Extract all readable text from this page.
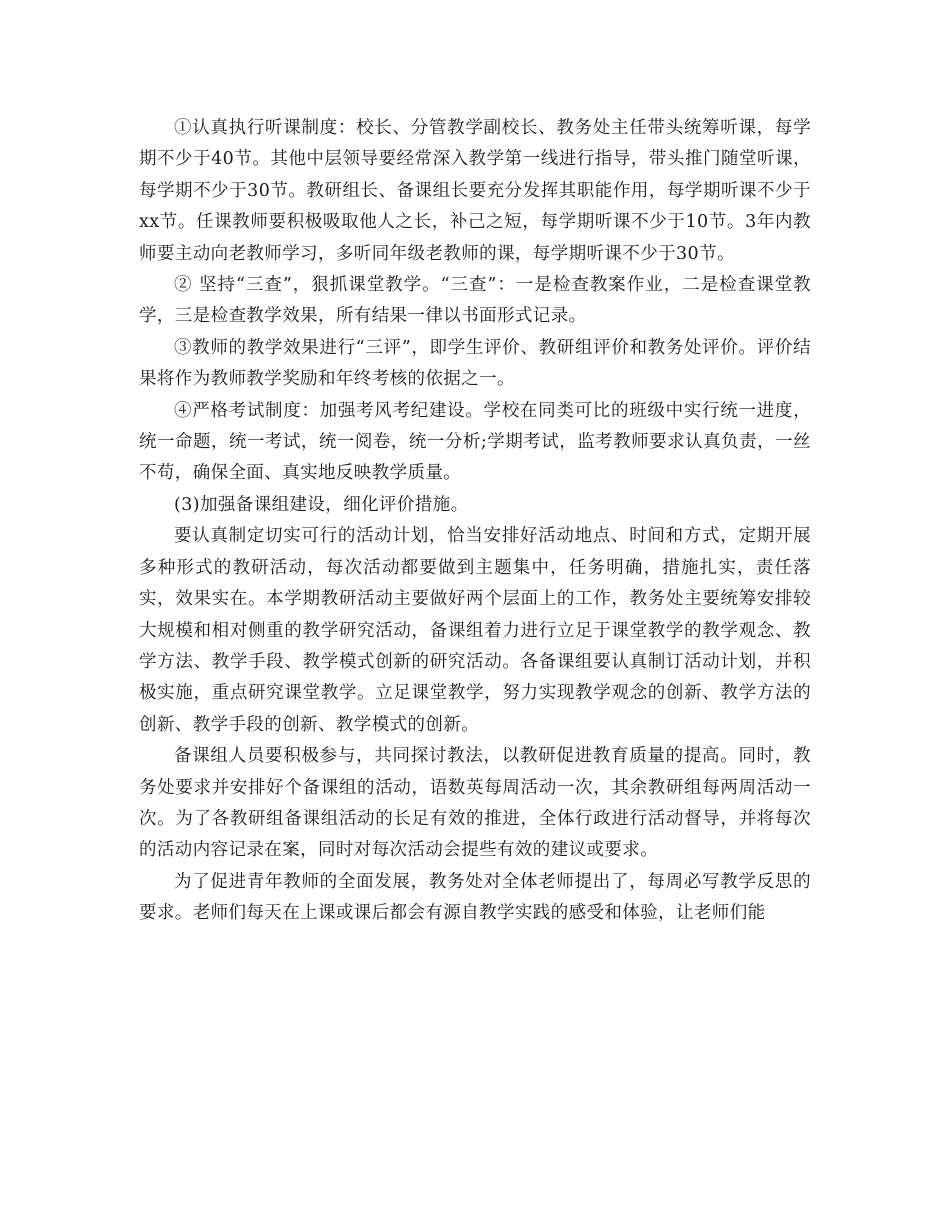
①认真执行听课制度：校长、分管教学副校长、教务处主任带头统筹听课，每学期不少于40节。其他中层领导要经常深入教学第一线进行指导，带头推门随堂听课，每学期不少于30节。教研组长、备课组长要充分发挥其职能作用，每学期听课不少于xx节。任课教师要积极吸取他人之长，补己之短，每学期听课不少于10节。3年内教师要主动向老教师学习，多听同年级老教师的课，每学期听课不少于30节。

② 坚持“三查”，狠抓课堂教学。“三查”：一是检查教案作业，二是检查课堂教学，三是检查教学效果，所有结果一律以书面形式记录。

③教师的教学效果进行“三评”，即学生评价、教研组评价和教务处评价。评价结果将作为教师教学奖励和年终考核的依据之一。

④严格考试制度：加强考风考纪建设。学校在同类可比的班级中实行统一进度，统一命题，统一考试，统一阅卷，统一分析;学期考试，监考教师要求认真负责，一丝不苟，确保全面、真实地反映教学质量。

(3)加强备课组建设，细化评价措施。

要认真制定切实可行的活动计划，恰当安排好活动地点、时间和方式，定期开展多种形式的教研活动，每次活动都要做到主题集中，任务明确，措施扎实，责任落实，效果实在。本学期教研活动主要做好两个层面上的工作，教务处主要统筹安排较大规模和相对侧重的教学研究活动，备课组着力进行立足于课堂教学的教学观念、教学方法、教学手段、教学模式创新的研究活动。各备课组要认真制订活动计划，并积极实施，重点研究课堂教学。立足课堂教学，努力实现教学观念的创新、教学方法的创新、教学手段的创新、教学模式的创新。

备课组人员要积极参与，共同探讨教法，以教研促进教育质量的提高。同时，教务处要求并安排好个备课组的活动，语数英每周活动一次，其余教研组每两周活动一次。为了各教研组备课组活动的长足有效的推进，全体行政进行活动督导，并将每次的活动内容记录在案，同时对每次活动会提些有效的建议或要求。

为了促进青年教师的全面发展，教务处对全体老师提出了，每周必写教学反思的要求。老师们每天在上课或课后都会有源自教学实践的感受和体验，让老师们能
